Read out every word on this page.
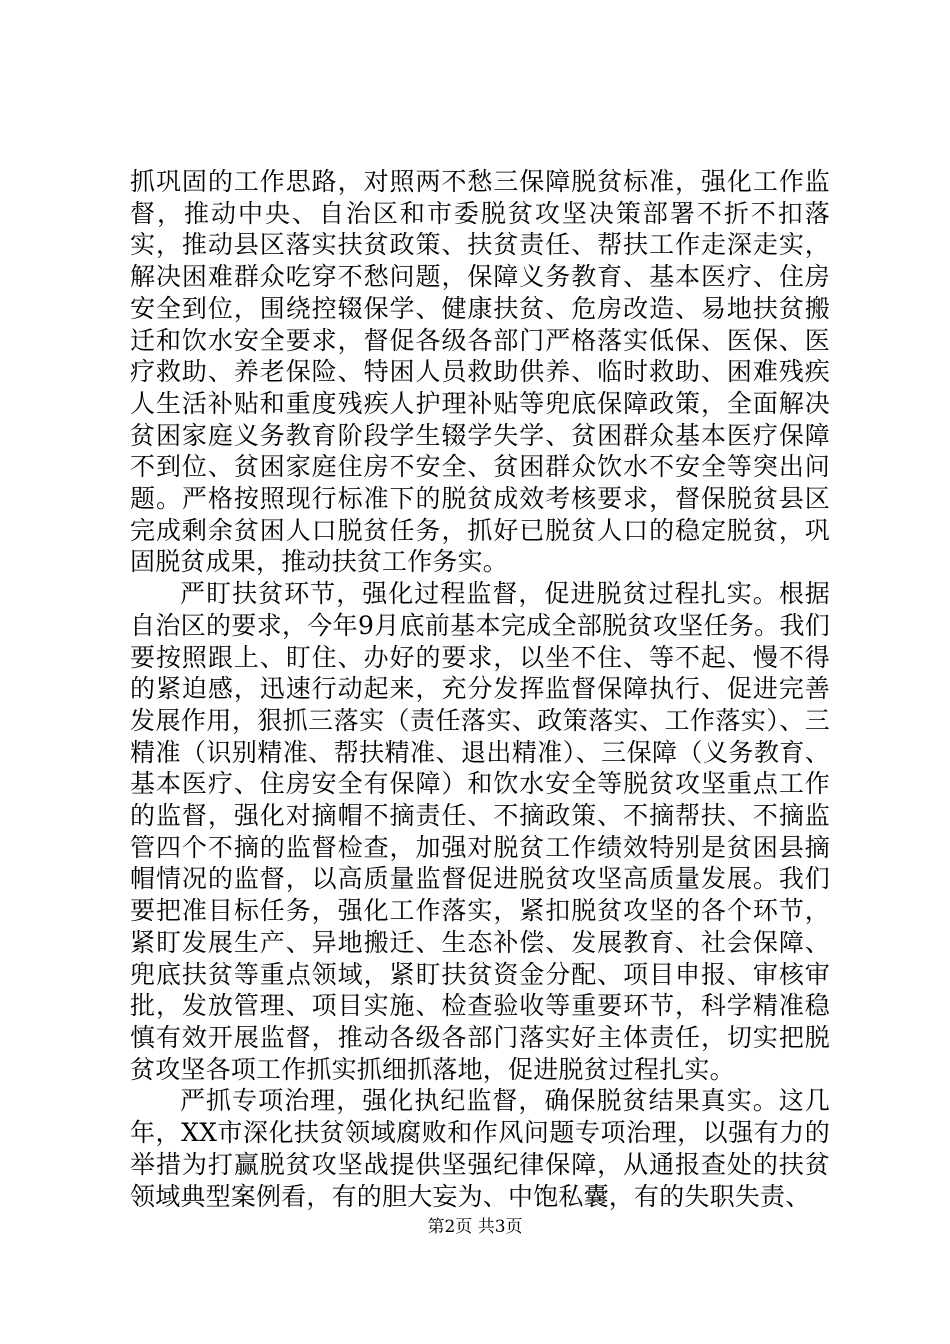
抓巩固的工作思路，对照两不愁三保障脱贫标准，强化工作监督，推动中央、自治区和市委脱贫攻坚决策部署不折不扣落实，推动县区落实扶贫政策、扶贫责任、帮扶工作走深走实，解决困难群众吃穿不愁问题，保障义务教育、基本医疗、住房安全到位，围绕控辍保学、健康扶贫、危房改造、易地扶贫搬迁和饮水安全要求，督促各级各部门严格落实低保、医保、医疗救助、养老保险、特困人员救助供养、临时救助、困难残疾人生活补贴和重度残疾人护理补贴等兜底保障政策，全面解决贫困家庭义务教育阶段学生辍学失学、贫困群众基本医疗保障不到位、贫困家庭住房不安全、贫困群众饮水不安全等突出问题。严格按照现行标准下的脱贫成效考核要求，督保脱贫县区完成剩余贫困人口脱贫任务，抓好已脱贫人口的稳定脱贫，巩固脱贫成果，推动扶贫工作务实。

严盯扶贫环节，强化过程监督，促进脱贫过程扎实。根据自治区的要求，今年9月底前基本完成全部脱贫攻坚任务。我们要按照跟上、盯住、办好的要求，以坐不住、等不起、慢不得的紧迫感，迅速行动起来，充分发挥监督保障执行、促进完善发展作用，狠抓三落实（责任落实、政策落实、工作落实）、三精准（识别精准、帮扶精准、退出精准）、三保障（义务教育、基本医疗、住房安全有保障）和饮水安全等脱贫攻坚重点工作的监督，强化对摘帽不摘责任、不摘政策、不摘帮扶、不摘监管四个不摘的监督检查，加强对脱贫工作绩效特别是贫困县摘帽情况的监督，以高质量监督促进脱贫攻坚高质量发展。我们要把准目标任务，强化工作落实，紧扣脱贫攻坚的各个环节，紧盯发展生产、异地搬迁、生态补偿、发展教育、社会保障、兜底扶贫等重点领域，紧盯扶贫资金分配、项目申报、审核审批，发放管理、项目实施、检查验收等重要环节，科学精准稳慎有效开展监督，推动各级各部门落实好主体责任，切实把脱贫攻坚各项工作抓实抓细抓落地，促进脱贫过程扎实。

严抓专项治理，强化执纪监督，确保脱贫结果真实。这几年，XX市深化扶贫领域腐败和作风问题专项治理，以强有力的举措为打赢脱贫攻坚战提供坚强纪律保障，从通报查处的扶贫领域典型案例看，有的胆大妄为、中饱私囊，有的失职失责、

第2页 共3页
